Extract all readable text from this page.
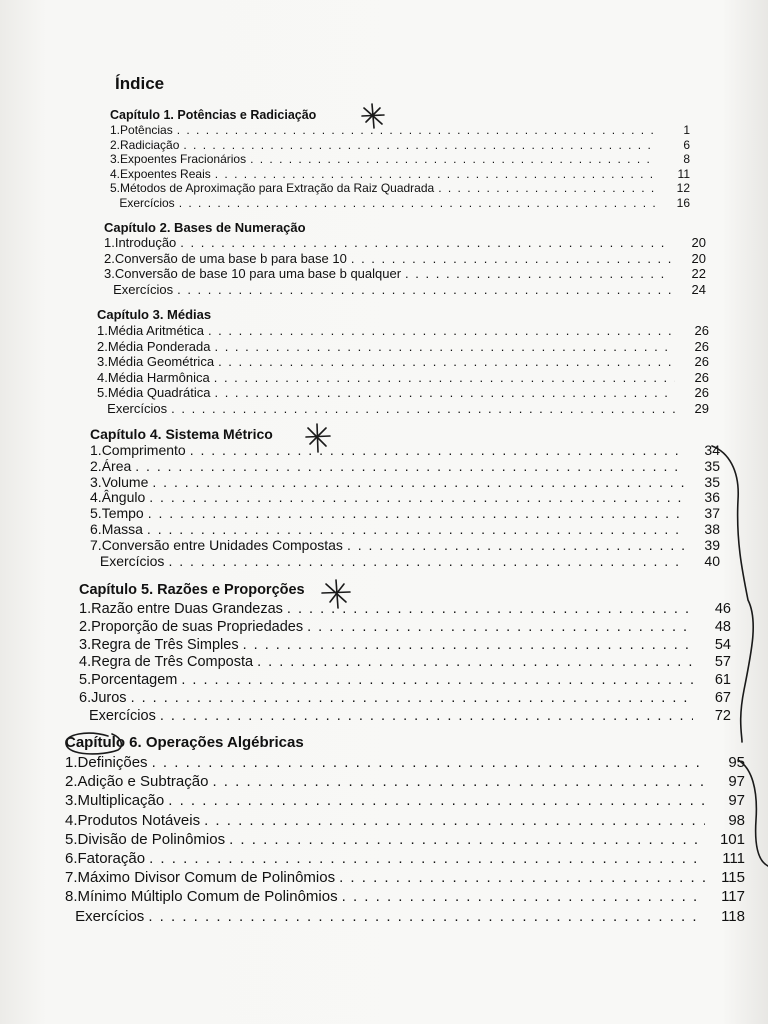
Índice
Capítulo 1. Potências e Radiciação
1. Potências . . .	1
2. Radiciação . . .	6
3. Expoentes Fracionários . . .	8
4. Expoentes Reais . . .	11
5. Métodos de Aproximação para Extração da Raiz Quadrada . . .	12
Exercícios . . .	16
Capítulo 2. Bases de Numeração
1. Introdução . . .	20
2. Conversão de uma base b para base 10 . . .	20
3. Conversão de base 10 para uma base b qualquer . . .	22
Exercícios . . .	24
Capítulo 3. Médias
1. Média Aritmética . . .	26
2. Média Ponderada . . .	26
3. Média Geométrica . . .	26
4. Média Harmônica . . .	26
5. Média Quadrática . . .	26
Exercícios . . .	29
Capítulo 4. Sistema Métrico
1. Comprimento . . .	34
2. Área . . .	35
3. Volume . . .	35
4. Ângulo . . .	36
5. Tempo . . .	37
6. Massa . . .	38
7. Conversão entre Unidades Compostas . . .	39
Exercícios . . .	40
Capítulo 5. Razões e Proporções
1. Razão entre Duas Grandezas . . .	46
2. Proporção de suas Propriedades . . .	48
3. Regra de Três Simples . . .	54
4. Regra de Três Composta . . .	57
5. Porcentagem . . .	61
6. Juros . . .	67
Exercícios . . .	72
Capítulo 6. Operações Algébricas
1. Definições . . .	95
2. Adição e Subtração . . .	97
3. Multiplicação . . .	97
4. Produtos Notáveis . . .	98
5. Divisão de Polinômios . . .	101
6. Fatoração . . .	111
7. Máximo Divisor Comum de Polinômios . . .	115
8. Mínimo Múltiplo Comum de Polinômios . . .	117
Exercícios . . .	118
